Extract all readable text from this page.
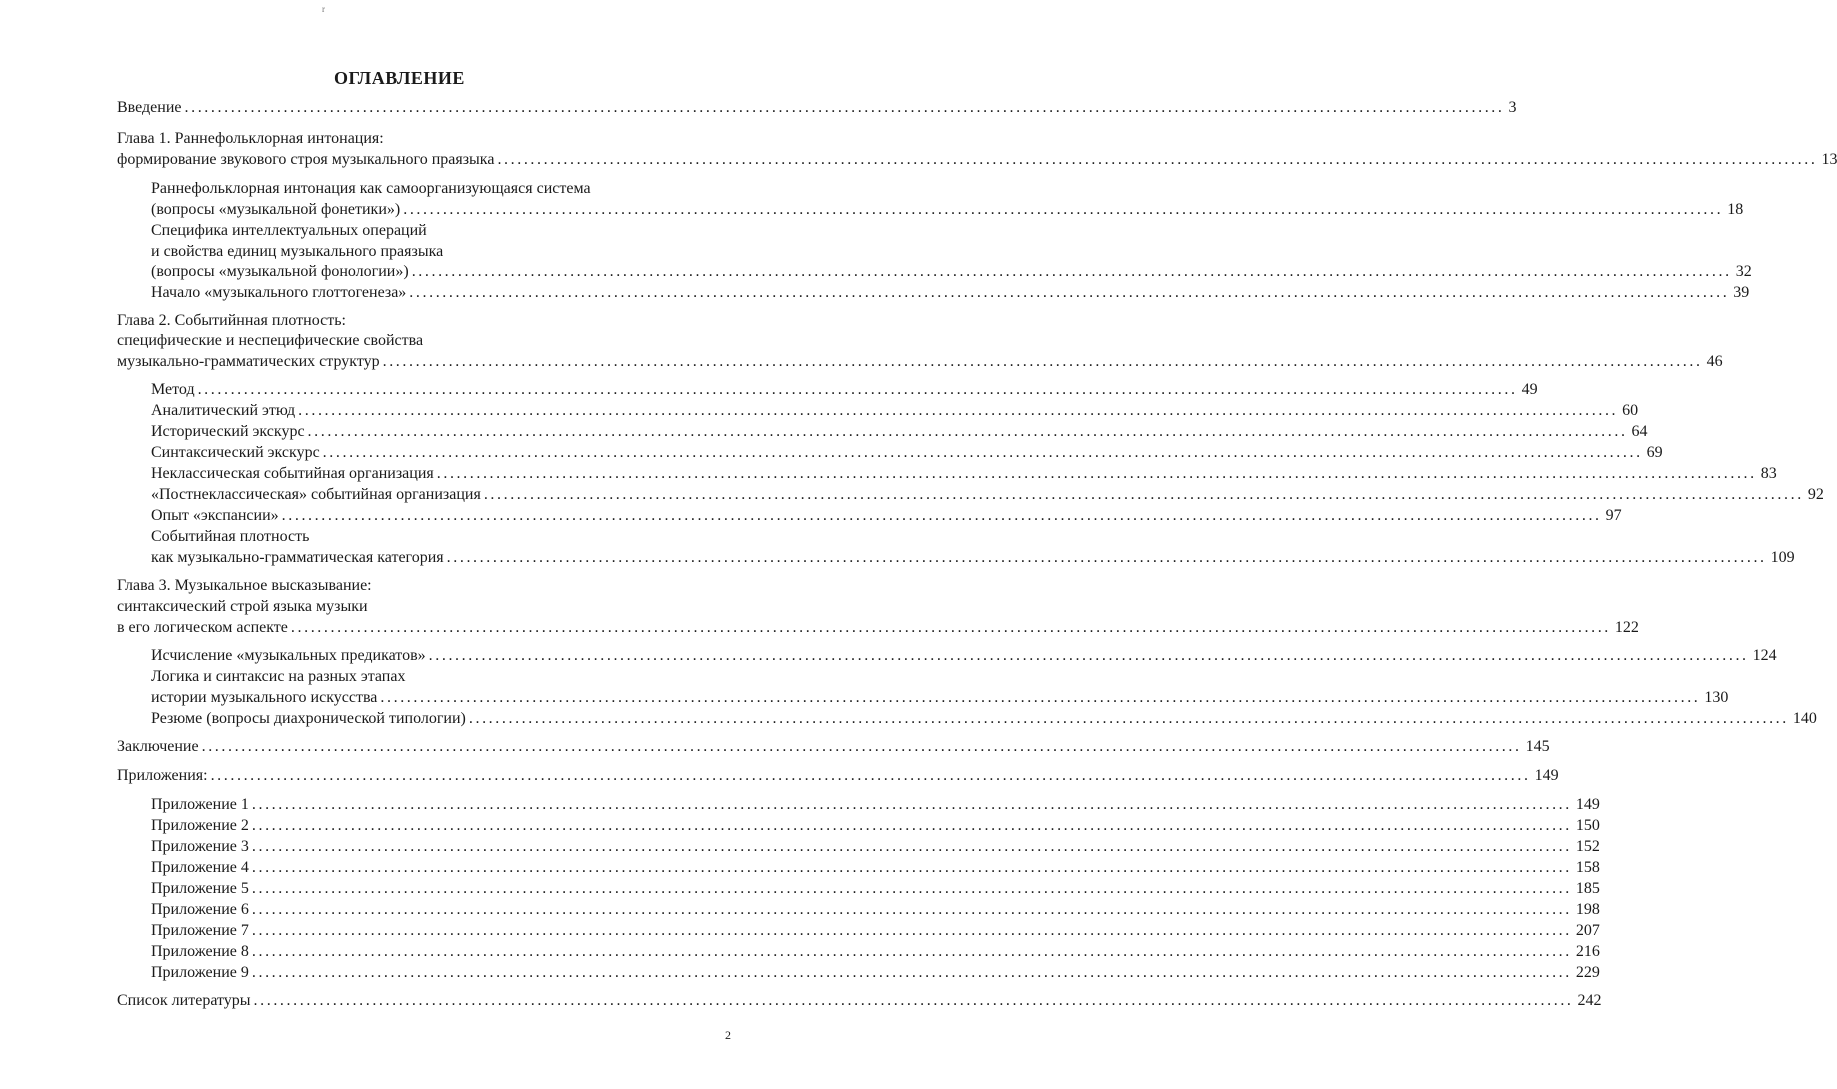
r
ОГЛАВЛЕНИЕ
Введение ........................................................................................................................................................................................................ 3
Глава 1. Раннефольклорная интонация:
формирование звукового строя музыкального праязыка ........................................................................................................................................................................................................ 13
Раннефольклорная интонация как самоорганизующаяся система
(вопросы «музыкальной фонетики») ........................................................................................................................................................................................................ 18
Специфика интеллектуальных операций
и свойства единиц музыкального праязыка
(вопросы «музыкальной фонологии») ........................................................................................................................................................................................................ 32
Начало «музыкального глоттогенеза» ........................................................................................................................................................................................................ 39
Глава 2. Событийнная плотность:
специфические и неспецифические свойства
музыкально-грамматических структур ........................................................................................................................................................................................................ 46
Метод ........................................................................................................................................................................................................ 49
Аналитический этюд ........................................................................................................................................................................................................ 60
Исторический экскурс ........................................................................................................................................................................................................ 64
Синтаксический экскурс ........................................................................................................................................................................................................ 69
Неклассическая событийная организация ........................................................................................................................................................................................................ 83
«Постнеклассическая» событийная организация ........................................................................................................................................................................................................ 92
Опыт «экспансии» ........................................................................................................................................................................................................ 97
Событийная плотность
как музыкально-грамматическая категория ........................................................................................................................................................................................................ 109
Глава 3. Музыкальное высказывание:
синтаксический строй языка музыки
в его логическом аспекте ........................................................................................................................................................................................................ 122
Исчисление «музыкальных предикатов» ........................................................................................................................................................................................................ 124
Логика и синтаксис на разных этапах
истории музыкального искусства ........................................................................................................................................................................................................ 130
Резюме (вопросы диахронической типологии) ........................................................................................................................................................................................................ 140
Заключение ........................................................................................................................................................................................................ 145
Приложения: ........................................................................................................................................................................................................ 149
Приложение 1 ........................................................................................................................................................................................................ 149
Приложение 2 ........................................................................................................................................................................................................ 150
Приложение 3 ........................................................................................................................................................................................................ 152
Приложение 4 ........................................................................................................................................................................................................ 158
Приложение 5 ........................................................................................................................................................................................................ 185
Приложение 6 ........................................................................................................................................................................................................ 198
Приложение 7 ........................................................................................................................................................................................................ 207
Приложение 8 ........................................................................................................................................................................................................ 216
Приложение 9 ........................................................................................................................................................................................................ 229
Список литературы ........................................................................................................................................................................................................ 242
2
